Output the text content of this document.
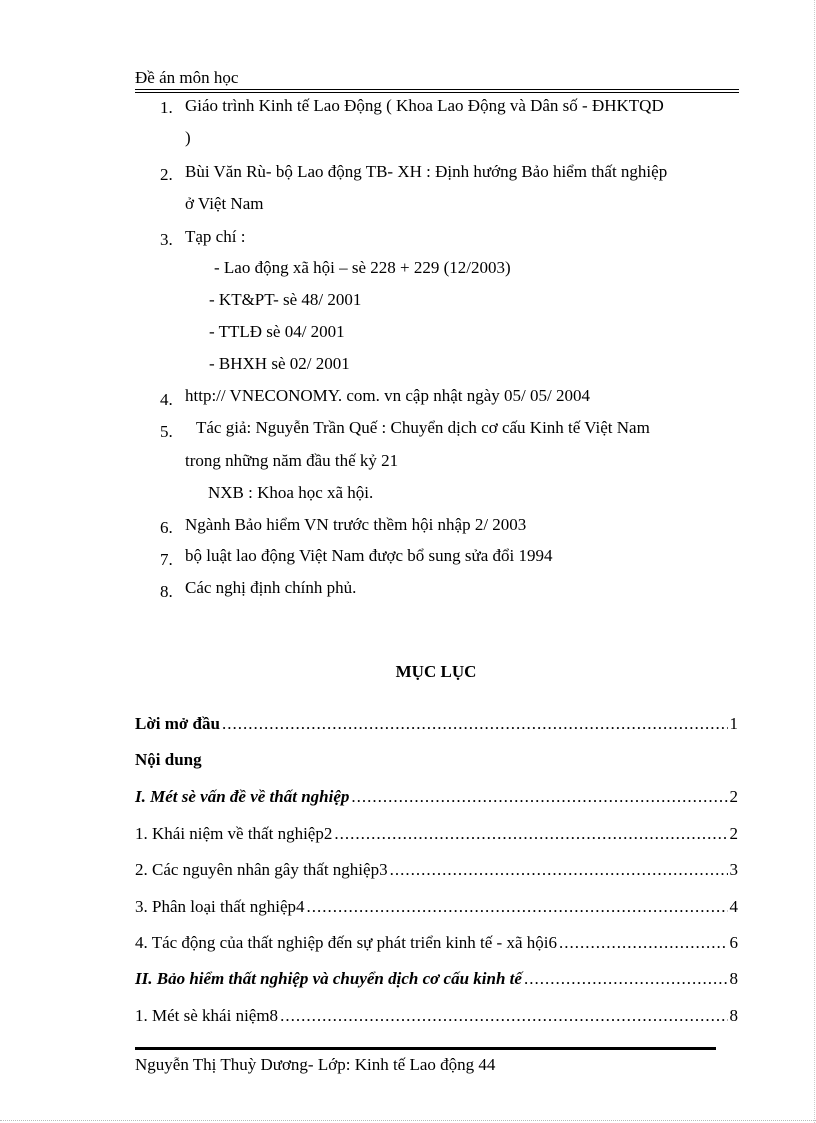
Đề án môn học
1. Giáo trình Kinh tế Lao Động ( Khoa Lao Động và Dân số - ĐHKTQD
)
2. Bùi Văn Rù- bộ Lao động TB- XH : Định hướng Bảo hiểm thất nghiệp
ở Việt Nam
3. Tạp chí :
- Lao động xã hội – sè 228 + 229 (12/2003)
- KT&PT- sè 48/ 2001
- TTLĐ sè 04/ 2001
- BHXH sè 02/ 2001
4. http:// VNECONOMY. com. vn cập nhật ngày 05/ 05/ 2004
5.	Tác giả: Nguyễn Trần Quế : Chuyển dịch cơ cấu Kinh tế Việt Nam
trong những năm đầu thế kỷ 21
NXB : Khoa học xã hội.
6. Ngành Bảo hiểm VN trước thềm hội nhập 2/ 2003
7. bộ luật lao động Việt Nam được bổ sung sửa đổi 1994
8. Các nghị định chính phủ.
MỤC LỤC
Lời mở đầu .....	1
Nội dung
I. Mét sè vấn đề về thất nghiệp .....	2
1. Khái niệm về thất nghiệp2 .....	2
2. Các nguyên nhân gây thất nghiệp3 .....	3
3. Phân loại thất nghiệp4 .....	4
4. Tác động của thất nghiệp đến sự phát triển kinh tế - xã hội6 .....	6
II. Bảo hiểm thất nghiệp và chuyển dịch cơ cấu kinh tế .....	8
1. Mét sè khái niệm8 .....	8
Nguyễn Thị Thuỳ Dương- Lớp: Kinh tế Lao động 44
